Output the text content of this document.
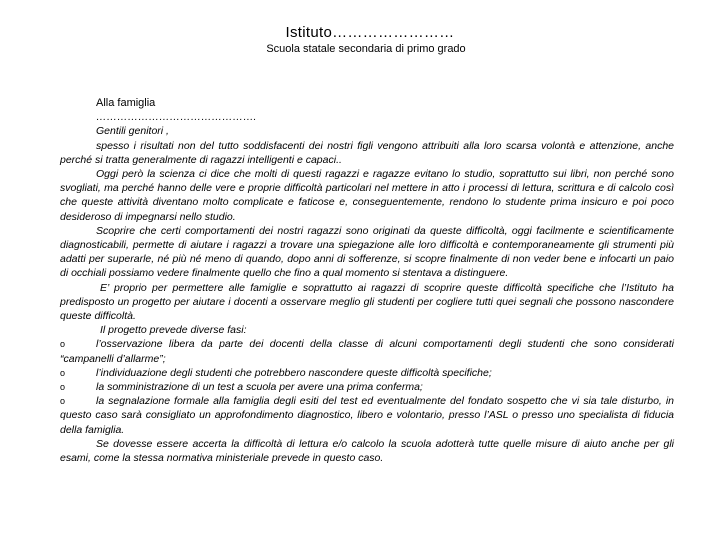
Istituto……………………
Scuola statale secondaria di primo grado

Alla famiglia

……………………………………….

Gentili genitori ,

spesso i risultati non del tutto soddisfacenti dei nostri figli vengono attribuiti alla loro scarsa volontà e attenzione, anche perché si tratta generalmente di ragazzi intelligenti e capaci..

Oggi però la scienza ci dice che molti di questi ragazzi e ragazze evitano lo studio, soprattutto sui libri, non perché sono svogliati, ma perché hanno delle vere e proprie difficoltà particolari nel mettere in atto i processi di lettura, scrittura e di calcolo così che queste attività diventano molto complicate e faticose e, conseguentemente, rendono lo studente prima insicuro e poi poco desideroso di impegnarsi nello studio.

Scoprire che certi comportamenti dei nostri ragazzi sono originati da queste difficoltà, oggi facilmente e scientificamente diagnosticabili, permette di aiutare i ragazzi a trovare una spiegazione alle loro difficoltà e contemporaneamente gli strumenti più adatti per superarle, né più né meno di quando, dopo anni di sofferenze, si scopre finalmente di non veder bene e infocarti un paio di occhiali possiamo vedere finalmente quello che fino a qual momento si stentava a distinguere.

E’ proprio per permettere alle famiglie e soprattutto ai ragazzi di scoprire queste difficoltà specifiche che l’Istituto ha predisposto un progetto per aiutare i docenti a osservare meglio gli studenti per cogliere tutti quei segnali che possono nascondere queste difficoltà.

Il progetto prevede diverse fasi:

o	l’osservazione libera da parte dei docenti della classe di alcuni comportamenti degli studenti che sono considerati “campanelli d’allarme”;

o	l’individuazione degli studenti che potrebbero nascondere queste difficoltà specifiche;

o	la somministrazione di un test a scuola per avere una prima conferma;

o	la segnalazione formale alla famiglia degli esiti del test ed eventualmente del fondato sospetto che vi sia tale disturbo, in questo caso sarà consigliato un approfondimento diagnostico, libero e volontario, presso l’ASL o presso uno specialista di fiducia della famiglia.

Se dovesse essere accerta la difficoltà di lettura e/o calcolo la scuola adotterà tutte quelle misure di aiuto anche per gli esami, come la stessa normativa ministeriale prevede in questo caso.
